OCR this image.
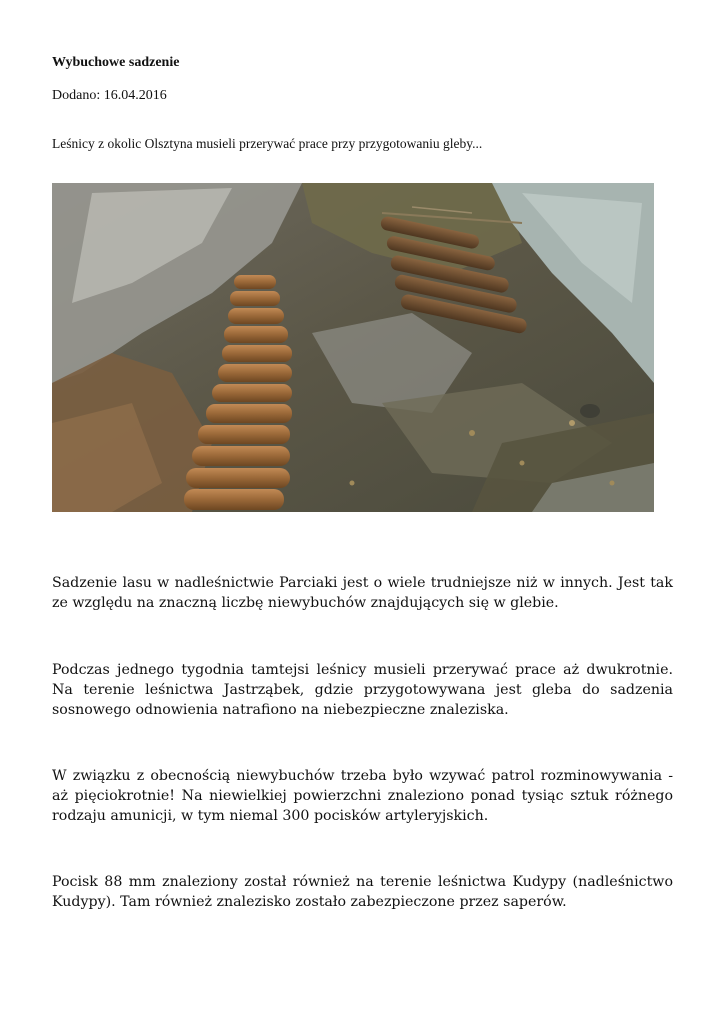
Wybuchowe sadzenie

Dodano: 16.04.2016

Leśnicy z okolic Olsztyna musieli przerywać prace przy przygotowaniu gleby...

Sadzenie lasu w nadleśnictwie Parciaki jest o wiele trudniejsze niż w innych. Jest tak ze względu na znaczną liczbę niewybuchów znajdujących się w glebie.

Podczas jednego tygodnia tamtejsi leśnicy musieli przerywać prace aż dwukrotnie. Na terenie leśnictwa Jastrząbek, gdzie przygotowywana jest gleba do sadzenia sosnowego odnowienia natrafiono na niebezpieczne znaleziska.

W związku z obecnością niewybuchów trzeba było wzywać patrol rozminowywania - aż pięciokrotnie! Na niewielkiej powierzchni znaleziono ponad tysiąc sztuk różnego rodzaju amunicji, w tym niemal 300 pocisków artyleryjskich.

Pocisk 88 mm znaleziony został również na terenie leśnictwa Kudypy (nadleśnictwo Kudypy). Tam również znalezisko zostało zabezpieczone przez saperów.
